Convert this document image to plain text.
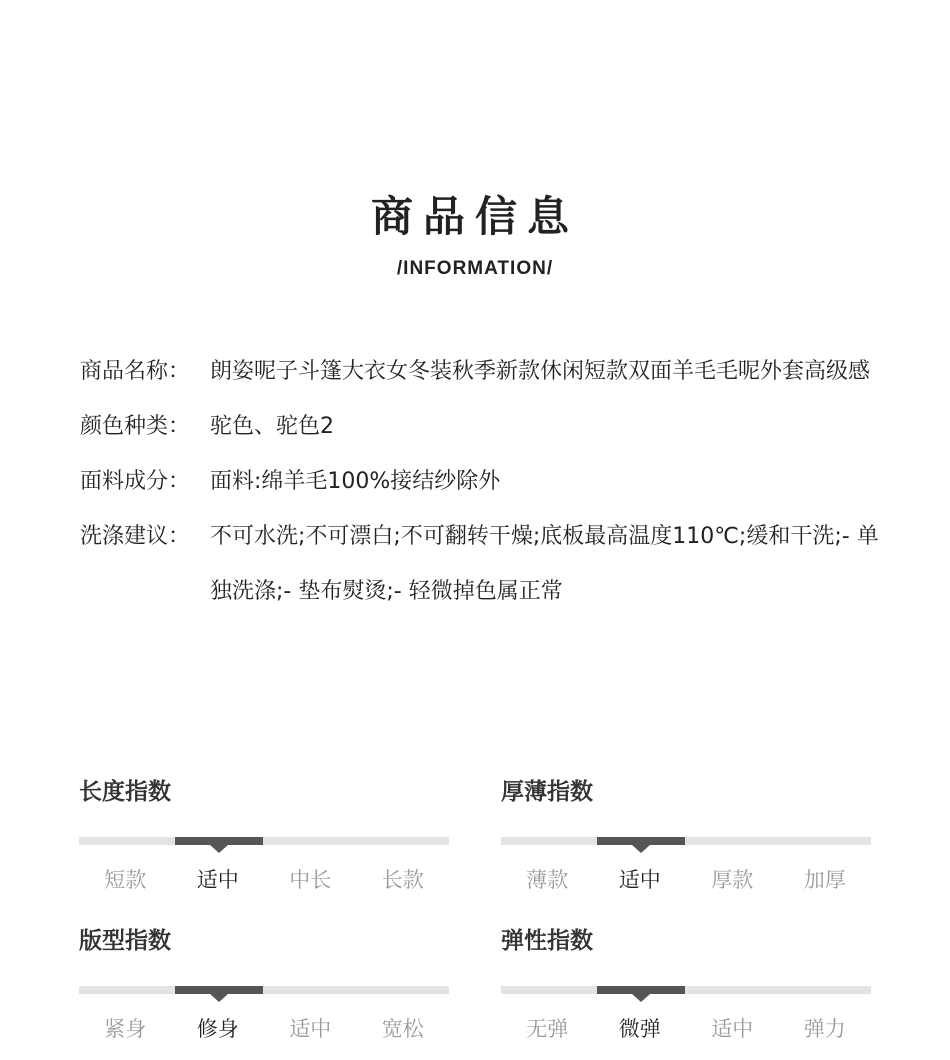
商品信息
/INFORMATION/
商品名称： 朗姿呢子斗篷大衣女冬装秋季新款休闲短款双面羊毛毛呢外套高级感
颜色种类： 驼色、驼色2
面料成分： 面料:绵羊毛100%接结纱除外
洗涤建议： 不可水洗;不可漂白;不可翻转干燥;底板最高温度110℃;缓和干洗;- 单独洗涤;- 垫布熨烫;- 轻微掉色属正常
长度指数
短款	适中	中长	长款
厚薄指数
薄款	适中	厚款	加厚
版型指数
紧身	修身	适中	宽松
弹性指数
无弹	微弹	适中	弹力
